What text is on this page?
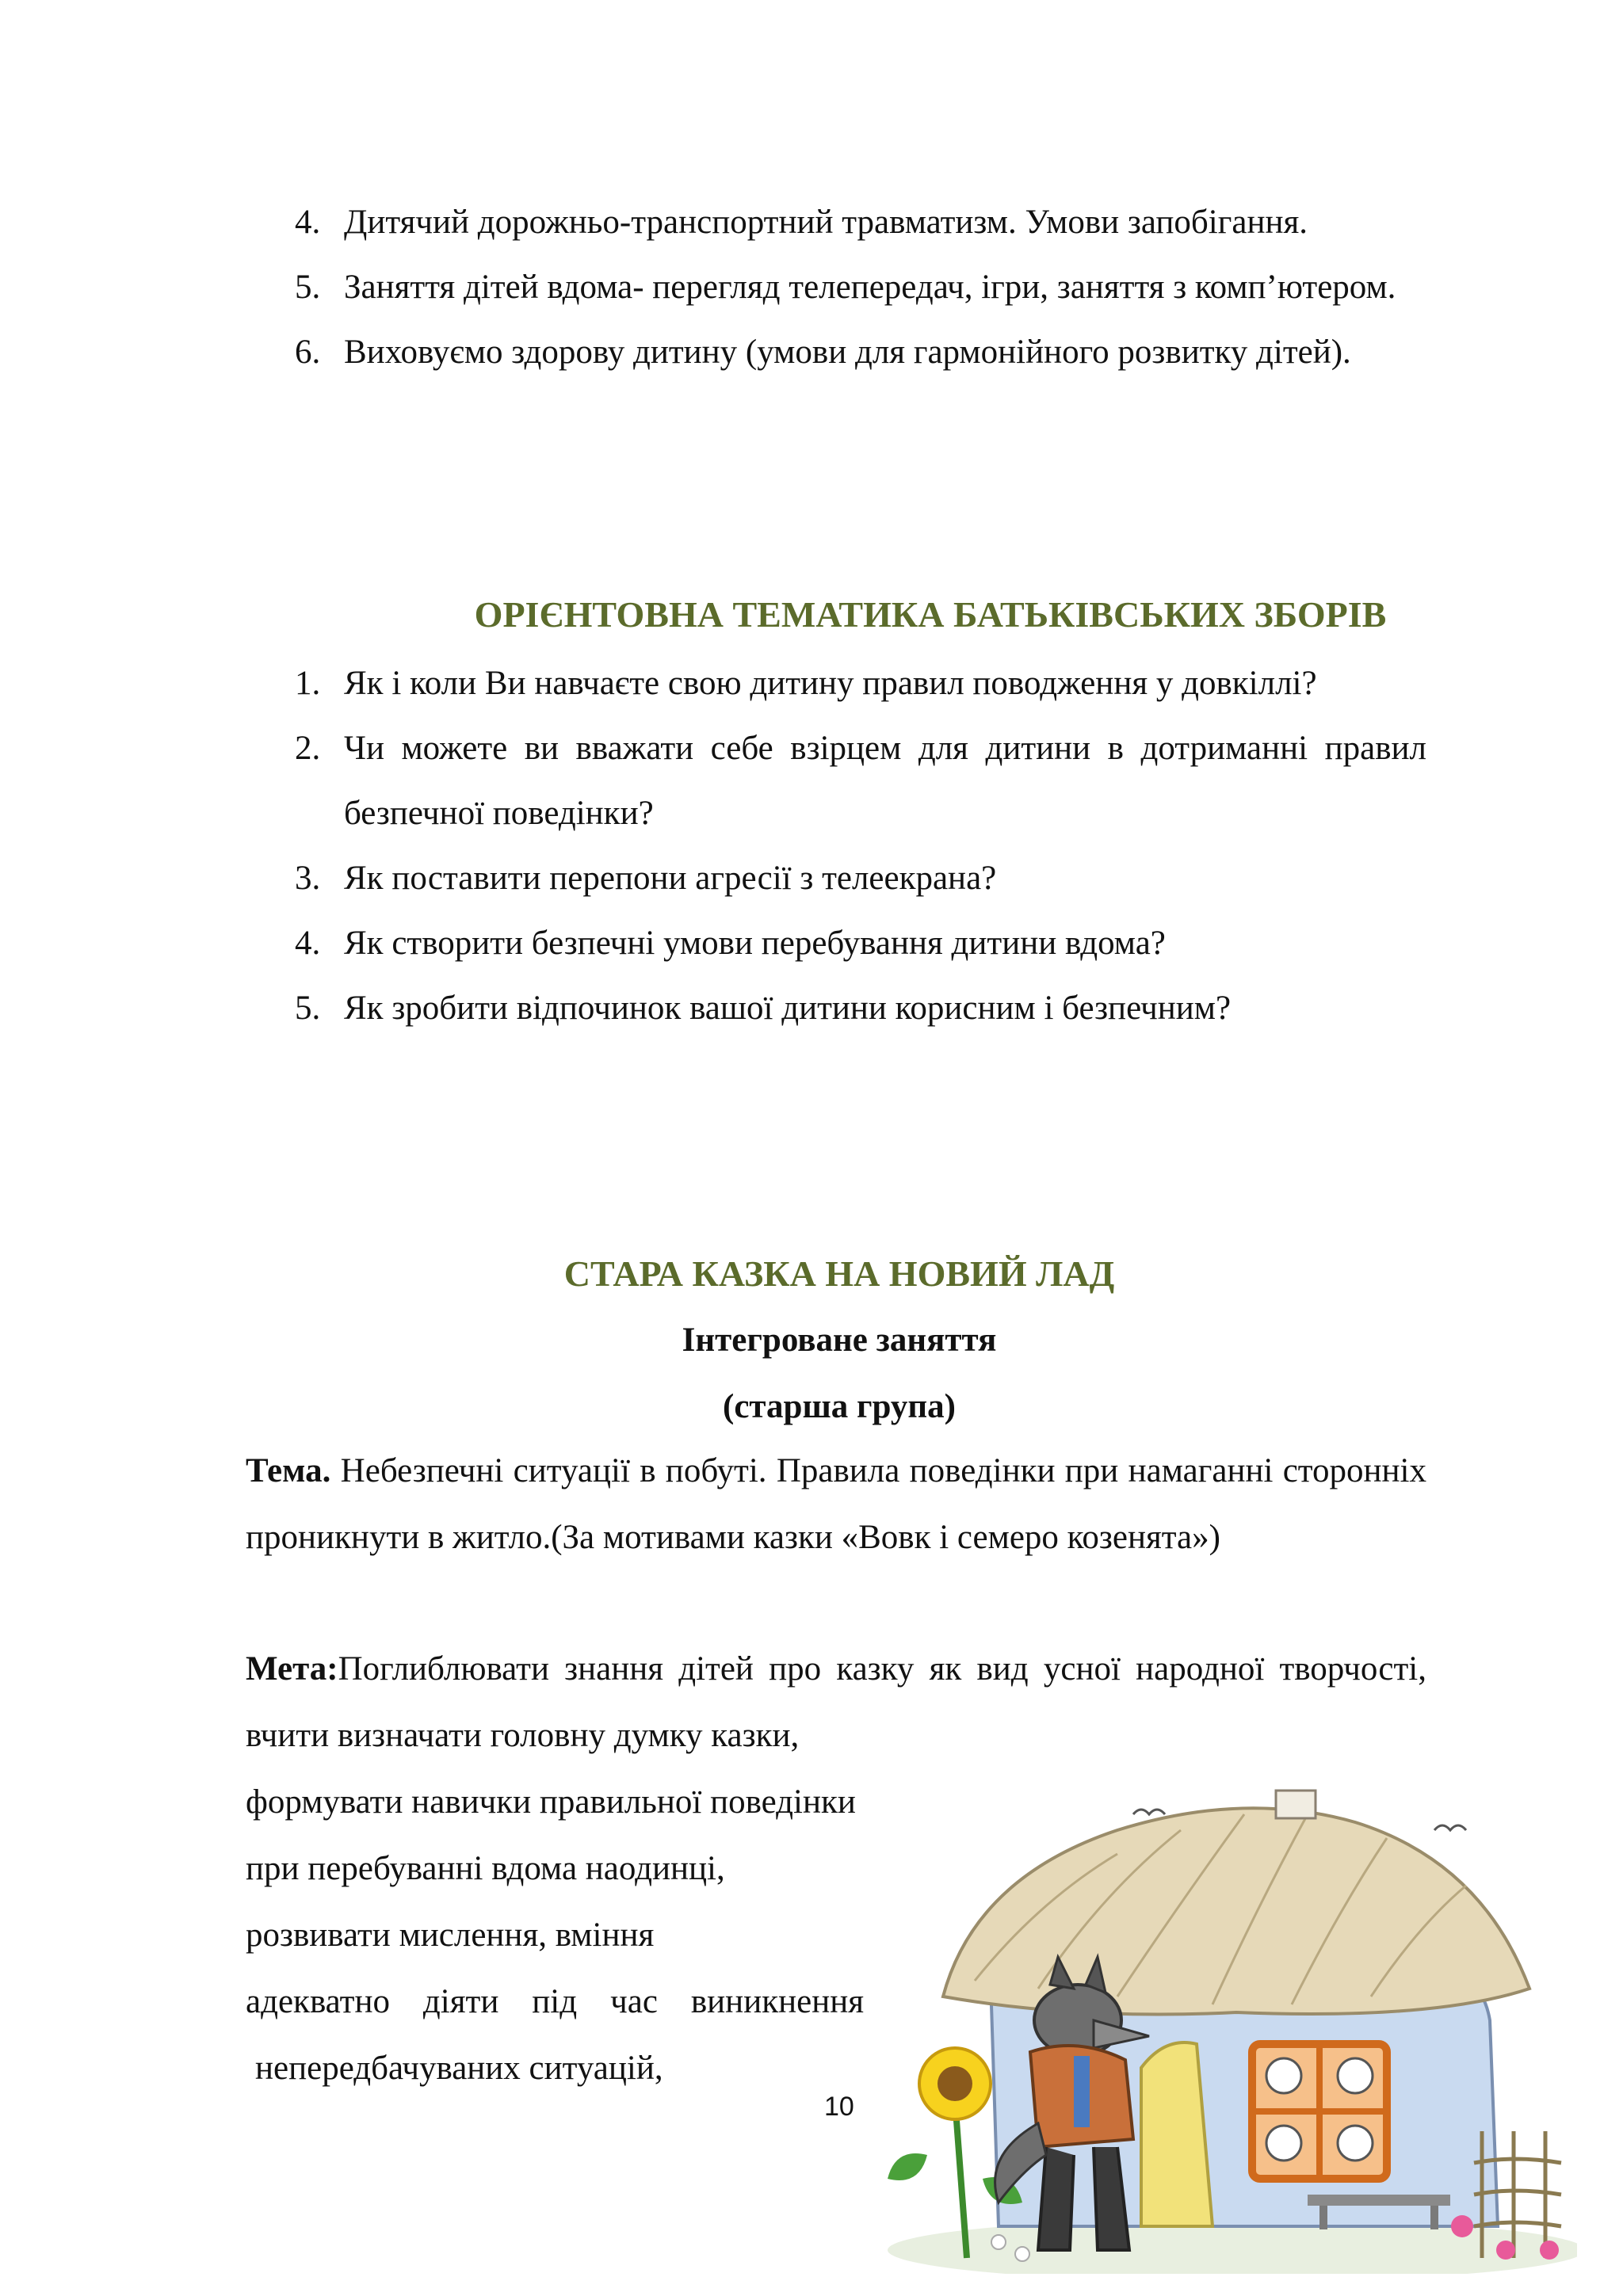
4. Дитячий дорожньо-транспортний травматизм. Умови запобігання.
5. Заняття дітей вдома- перегляд телепередач, ігри, заняття з комп’ютером.
6. Виховуємо здорову дитину (умови для гармонійного розвитку дітей).
ОРІЄНТОВНА ТЕМАТИКА БАТЬКІВСЬКИХ ЗБОРІВ
1. Як і коли Ви навчаєте свою дитину правил поводження у довкіллі?
2. Чи можете ви вважати себе взірцем для дитини в дотриманні правил безпечної поведінки?
3. Як поставити перепони агресії з телеекрана?
4. Як створити безпечні умови перебування дитини вдома?
5. Як зробити відпочинок вашої дитини корисним і безпечним?
СТАРА КАЗКА НА НОВИЙ ЛАД
Інтегроване заняття
(старша група)

Тема. Небезпечні ситуації в побуті. Правила поведінки при намаганні сторонніх проникнути в житло.(За мотивами казки «Вовк і семеро козенята»)

Мета:Поглиблювати знання дітей про казку як вид усної народної творчості, вчити визначати головну думку казки,

формувати навички правильної поведінки

при перебуванні вдома наодинці,

розвивати мислення, вміння

адекватно діяти під час виникнення

непередбачуваних ситуацій,

10
